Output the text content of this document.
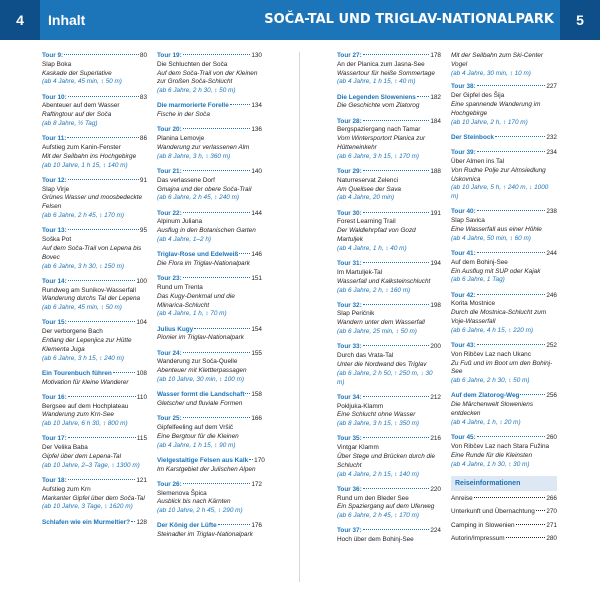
4	Inhalt	SOČA-TAL UND TRIGLAV-NATIONALPARK	5
Tour 9:	80
Slap Boka
Kaskade der Superlative
(ab 4 Jahre, 45 min, ↕ 50 m)
Tour 10:	83
Abenteuer auf dem Wasser
Raftingtour auf der Soča
(ab 8 Jahre, ½ Tag)
Tour 11:	86
Aufstieg zum Kanin-Fenster
Mit der Seilbahn ins Hochgebirge
(ab 10 Jahre, 1 h 15, ↕ 140 m)
Tour 12:	91
Slap Virje
Grünes Wasser und moosbedeckte Felsen
(ab 6 Jahre, 2 h 45, ↕ 170 m)
Tour 13:	95
Soška Pot
Auf dem Soča-Trail von Lepena bis Bovec
(ab 6 Jahre, 3 h 30, ↕ 150 m)
Tour 14:	100
Rundweg am Sunikov-Wasserfall
Wanderung durchs Tal der Lepena
(ab 6 Jahre, 45 min, ↕ 50 m)
Tour 15:	104
Der verborgene Bach
Entlang der Lepenjica zur Hütte Klementa Juga
(ab 6 Jahre, 3 h 15, ↕ 240 m)
Ein Tourenbuch führen	108
Motivation für kleine Wanderer
Tour 16:	110
Bergsee auf dem Hochplateau
Wanderung zum Krn-See
(ab 10 Jahre, 6 h 30, ↕ 800 m)
Tour 17:	115
Der Velika Baba
Gipfel über dem Lepena-Tal
(ab 10 Jahre, 2–3 Tage, ↕ 1300 m)
Tour 18:	121
Aufstieg zum Krn
Markanter Gipfel über dem Soča-Tal
(ab 10 Jahre, 3 Tage, ↕ 1620 m)
Schlafen wie ein Murmeltier? 128
Tour 19:	130
Die Schluchten der Soča
Auf dem Soča-Trail von der Kleinen zur Großen Soča-Schlucht
(ab 6 Jahre, 2 h 30, ↕ 50 m)
Die marmorierte Forelle	134
Fische in der Soča
Tour 20:	136
Planina Lemovje
Wanderung zur verlassenen Alm
(ab 8 Jahre, 3 h, ↕ 360 m)
Tour 21:	140
Das verlassene Dorf
Gmajna und der obere Soča-Trail
(ab 6 Jahre, 2 h 45, ↕ 240 m)
Tour 22:	144
Alpinum Juliana
Ausflug in den Botanischen Garten
(ab 4 Jahre, 1–2 h)
Triglav-Rose und Edelweiß 146
Die Flora im Triglav-Nationalpark
Tour 23:	151
Rund um Trenta
Das Kugy-Denkmal und die Mlinarica-Schlucht
(ab 4 Jahre, 1 h, ↕ 70 m)
Julius Kugy	154
Pionier im Triglav-Nationalpark
Tour 24:	155
Wanderung zur Soča-Quelle
Abenteuer mit Klettterpassagen
(ab 10 Jahre, 30 min, ↕ 100 m)
Wasser formt die Landschaft 158
Gletscher und fluviale Formen
Tour 25:	166
Gipfelfeeling auf dem Vršič
Eine Bergtour für die Kleinen
(ab 4 Jahre, 1 h 15, ↕ 90 m)
Vielgestaltige Felsen aus Kalk 170
Im Karstgebiet der Julischen Alpen
Tour 26:	172
Slemenova Špica
Ausblick bis nach Kärnten
(ab 10 Jahre, 2 h 45, ↕ 290 m)
Der König der Lüfte	176
Steinadler im Triglav-Nationalpark
Tour 27:	178
An der Planica zum Jasna-See
Wassertour für heiße Sommertage
(ab 4 Jahre, 1 h 15, ↕ 40 m)
Die Legenden Sloweniens 182
Die Geschichte vom Zlatorog
Tour 28:	184
Bergspaziergang nach Tamar
Vom Wintersportort Planica zur Hütteneinkehr
(ab 6 Jahre, 3 h 15, ↕ 170 m)
Tour 29:	188
Naturreservat Zelenci
Am Quellsee der Sava
(ab 4 Jahre, 20 min)
Tour 30:	191
Forest Learning Trail
Der Waldlehrpfad von Gozd Martuljek
(ab 4 Jahre, 1 h, ↕ 40 m)
Tour 31:	194
Im Martuljek-Tal
Wasserfall und Kalksteinschlucht
(ab 6 Jahre, 2 h, ↕ 160 m)
Tour 32:	198
Slap Peričnik
Wandern unter dem Wasserfall
(ab 6 Jahre, 25 min, ↕ 50 m)
Tour 33:	200
Durch das Vrata-Tal
Unter die Nordwand des Triglav
(ab 6 Jahre, 2 h 50, ↑ 250 m, ↓ 30 m)
Tour 34:	212
Pokljuka-Klamm
Eine Schlucht ohne Wasser
(ab 8 Jahre, 3 h 15, ↕ 350 m)
Tour 35:	216
Vintgar Klamm
Über Stege und Brücken durch die Schlucht
(ab 4 Jahre, 2 h 15, ↕ 140 m)
Tour 36:	220
Rund um den Bleder See
Ein Spaziergang auf dem Uferweg
(ab 6 Jahre, 2 h 45, ↕ 170 m)
Tour 37:	224
Hoch über dem Bohinj-See
Mit der Seilbahn zum Ski-Center Vogel
(ab 4 Jahre, 30 min, ↕ 10 m)
Tour 38:	227
Der Gipfel des Šija
Eine spannende Wanderung im Hochgebirge
(ab 10 Jahre, 2 h, ↕ 170 m)
Der Steinbock	232
Tour 39:	234
Über Almen ins Tal
Von Rudne Polje zur Almsiedlung Uskovnica
(ab 10 Jahre, 5 h, ↑ 240 m, ↓ 1000 m)
Tour 40:	238
Slap Savica
Eine Wasserfall aus einer Höhle
(ab 4 Jahre, 50 min, ↕ 60 m)
Tour 41:	244
Auf dem Bohinj-See
Ein Ausflug mit SUP oder Kajak
(ab 6 Jahre, 1 Tag)
Tour 42:	246
Korita Mostnice
Durch die Mostnica-Schlucht zum Voje-Wasserfall
(ab 6 Jahre, 4 h 15, ↕ 220 m)
Tour 43:	252
Von Ribčev Laz nach Ukanc
Zu Fuß und im Boot um den Bohinj-See
(ab 6 Jahre, 2 h 30, ↕ 50 m)
Auf dem Zlatorog-Weg	256
Die Märchenwelt Sloweniens entdecken
(ab 4 Jahre, 1 h, ↕ 20 m)
Tour 45:	260
Von Ribčev Laz nach Stara Fužina
Eine Runde für die Kleinsten
(ab 4 Jahre, 1 h 30, ↕ 30 m)
Reiseinformationen
Anreise	266
Unterkunft und Übernachtung 270
Camping in Slowenien	271
Autorin/Impressum	280
